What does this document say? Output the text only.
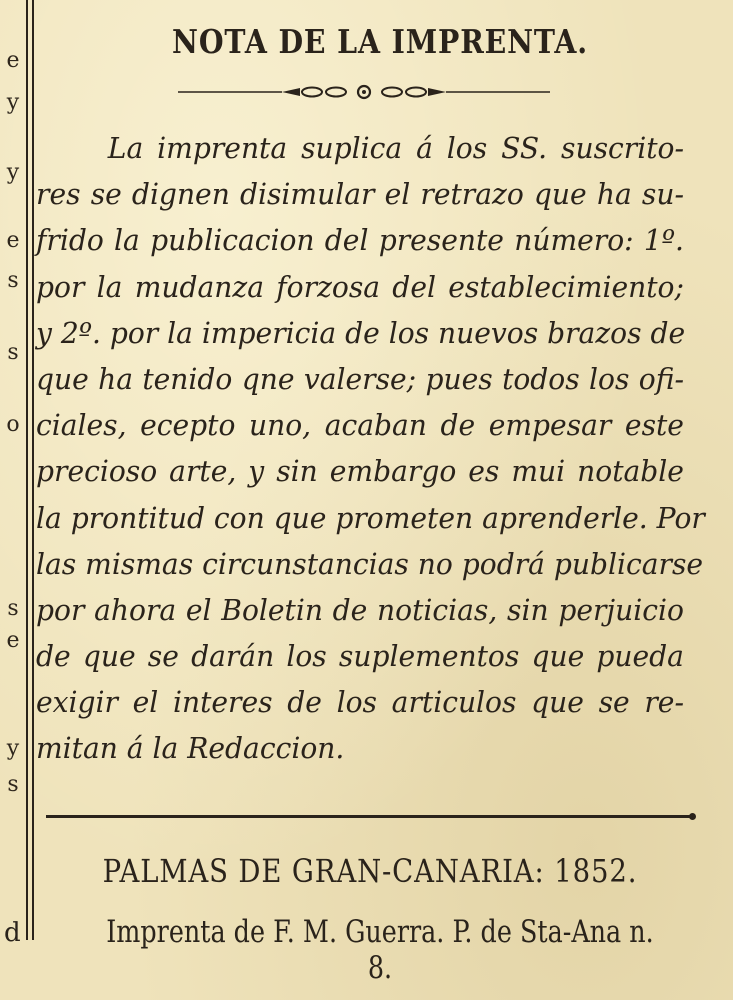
e
y
y
e
s
s
o
s
e
y
s
d
NOTA DE LA IMPRENTA.
La imprenta suplica á los SS. suscrito-
res se dignen disimular el retrazo que ha su-
frido la publicacion del presente número: 1º.
por la mudanza forzosa del establecimiento;
y 2º. por la impericia de los nuevos brazos de
que ha tenido qne valerse; pues todos los ofi-
ciales, ecepto uno, acaban de empesar este
precioso arte, y sin embargo es mui notable
la prontitud con que prometen aprenderle. Por
las mismas circunstancias no podrá publicarse
por ahora el Boletin de noticias, sin perjuicio
de que se darán los suplementos que pueda
exigir el interes de los articulos que se re-
mitan á la Redaccion.
PALMAS DE GRAN-CANARIA: 1852.
Imprenta de F. M. Guerra. P. de Sta-Ana n. 8.
